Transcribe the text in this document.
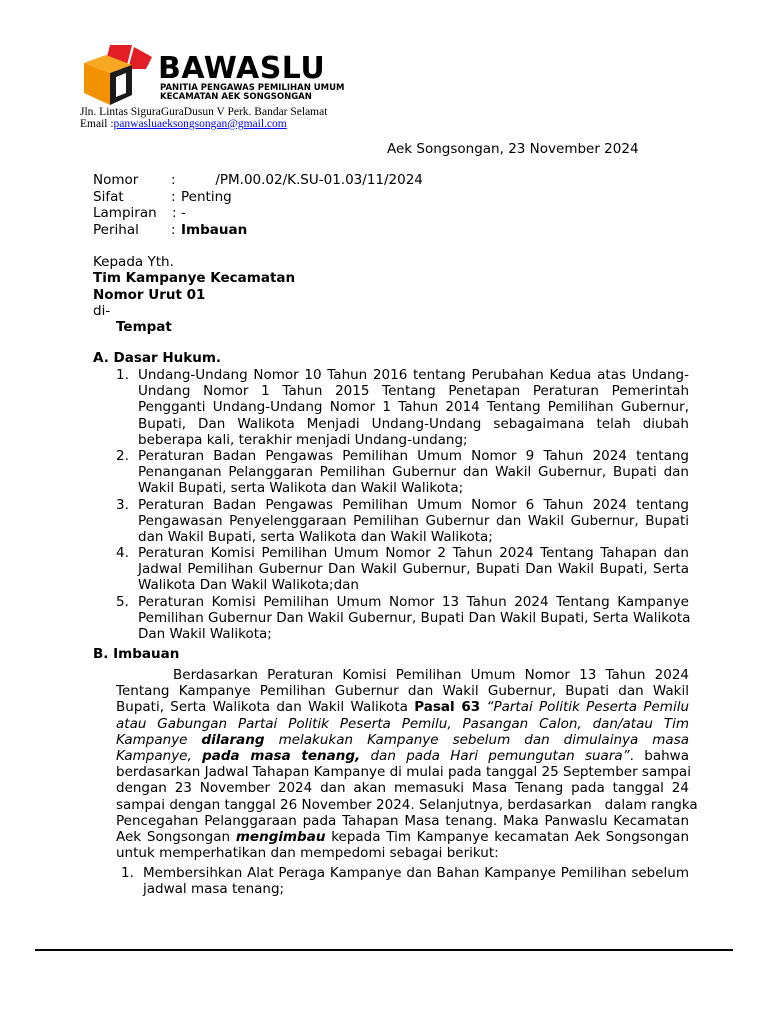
BAWASLU
PANITIA PENGAWAS PEMILIHAN UMUM
KECAMATAN AEK SONGSONGAN
Jln. Lintas SiguraGuraDusun V Perk. Bandar Selamat
Email :panwasluaeksongsongan@gmail.com
Aek Songsongan, 23 November 2024
Nomor : /PM.00.02/K.SU-01.03/11/2024
Sifat	: Penting
Lampiran : -
Perihal : Imbauan
Kepada Yth.
Tim Kampanye Kecamatan
Nomor Urut 01
di-
Tempat
A. Dasar Hukum.
1. Undang-Undang Nomor 10 Tahun 2016 tentang Perubahan Kedua atas Undang-
Undang Nomor 1 Tahun 2015 Tentang Penetapan Peraturan Pemerintah
Pengganti Undang-Undang Nomor 1 Tahun 2014 Tentang Pemilihan Gubernur,
Bupati, Dan Walikota Menjadi Undang-Undang sebagaimana telah diubah
beberapa kali, terakhir menjadi Undang-undang;
2. Peraturan Badan Pengawas Pemilihan Umum Nomor 9 Tahun 2024 tentang
Penanganan Pelanggaran Pemilihan Gubernur dan Wakil Gubernur, Bupati dan
Wakil Bupati, serta Walikota dan Wakil Walikota;
3. Peraturan Badan Pengawas Pemilihan Umum Nomor 6 Tahun 2024 tentang
Pengawasan Penyelenggaraan Pemilihan Gubernur dan Wakil Gubernur, Bupati
dan Wakil Bupati, serta Walikota dan Wakil Walikota;
4. Peraturan Komisi Pemilihan Umum Nomor 2 Tahun 2024 Tentang Tahapan dan
Jadwal Pemilihan Gubernur Dan Wakil Gubernur, Bupati Dan Wakil Bupati, Serta
Walikota Dan Wakil Walikota;dan
5. Peraturan Komisi Pemilihan Umum Nomor 13 Tahun 2024 Tentang Kampanye
Pemilihan Gubernur Dan Wakil Gubernur, Bupati Dan Wakil Bupati, Serta Walikota
Dan Wakil Walikota;
B. Imbauan
Berdasarkan Peraturan Komisi Pemilihan Umum Nomor 13 Tahun 2024
Tentang Kampanye Pemilihan Gubernur dan Wakil Gubernur, Bupati dan Wakil
Bupati, Serta Walikota dan Wakil Walikota Pasal 63 “Partai Politik Peserta Pemilu
atau Gabungan Partai Politik Peserta Pemilu, Pasangan Calon, dan/atau Tim
Kampanye dilarang melakukan Kampanye sebelum dan dimulainya masa
Kampanye, pada masa tenang, dan pada Hari pemungutan suara”. bahwa
berdasarkan Jadwal Tahapan Kampanye di mulai pada tanggal 25 September sampai
dengan 23 November 2024 dan akan memasuki Masa Tenang pada tanggal 24
sampai dengan tanggal 26 November 2024. Selanjutnya, berdasarkan   dalam rangka
Pencegahan Pelanggaraan pada Tahapan Masa tenang. Maka Panwaslu Kecamatan
Aek Songsongan mengimbau kepada Tim Kampanye kecamatan Aek Songsongan
untuk memperhatikan dan mempedomi sebagai berikut:
1. Membersihkan Alat Peraga Kampanye dan Bahan Kampanye Pemilihan sebelum
jadwal masa tenang;
